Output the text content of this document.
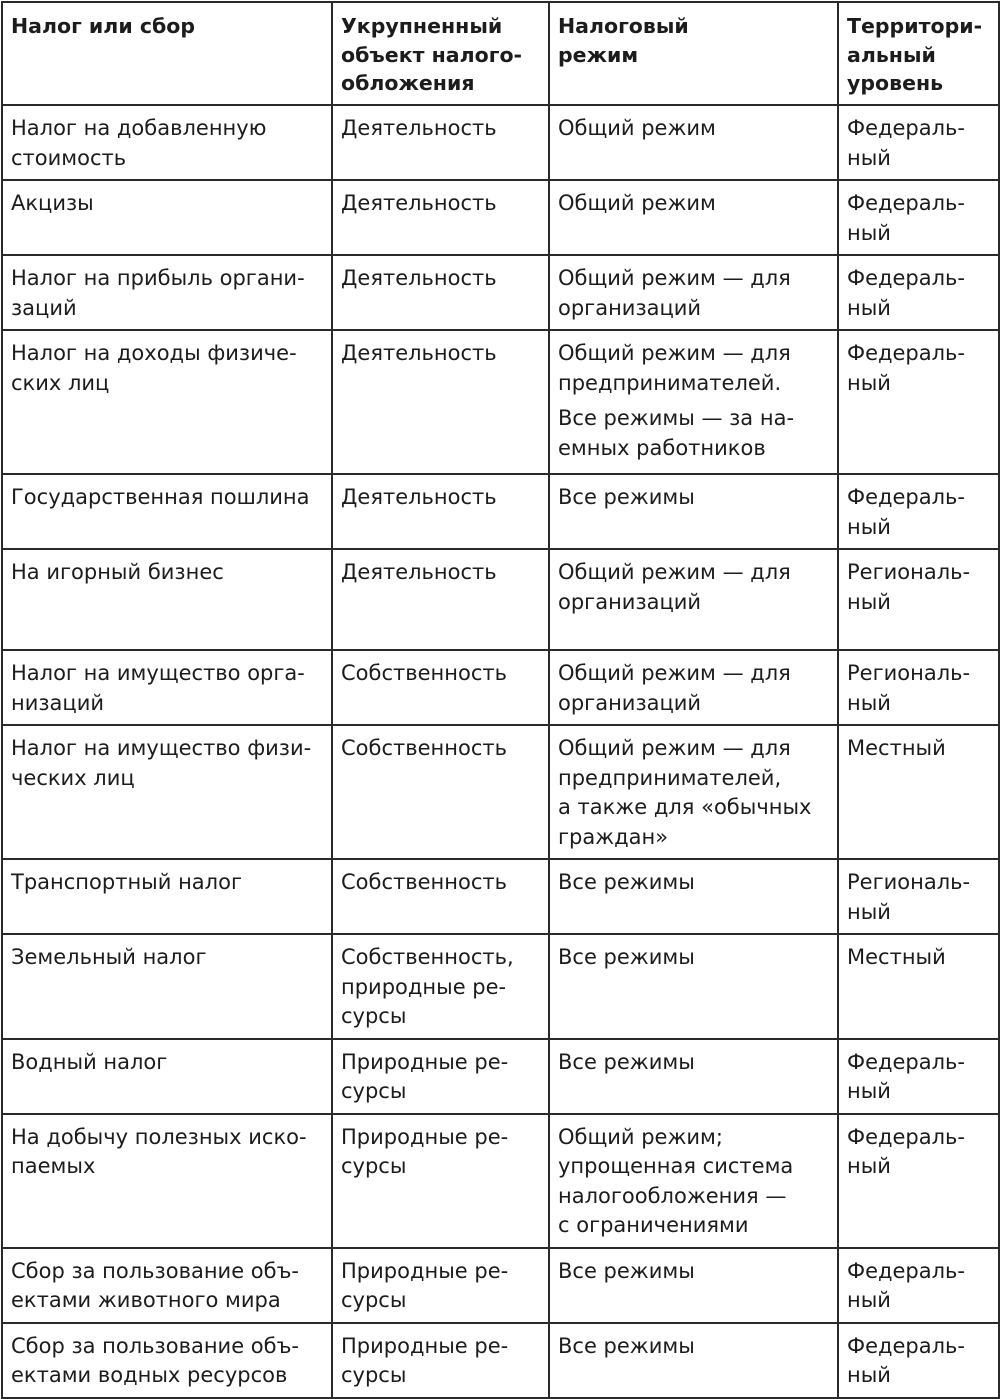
Налог или сбор	Укрупненный
объект налого-
обложения	Налоговый
режим	Территори-
альный
уровень

Налог на добавленную
стоимость	Деятельность	Общий режим	Федераль-
ный

Акцизы	Деятельность	Общий режим	Федераль-
ный

Налог на прибыль органи-
заций	Деятельность	Общий режим — для
организаций	Федераль-
ный

Налог на доходы физиче-
ских лиц	Деятельность	Общий режим — для
предпринимателей.
Все режимы — за на-
емных работников	Федераль-
ный

Государственная пошлина	Деятельность	Все режимы	Федераль-
ный

На игорный бизнес	Деятельность	Общий режим — для
организаций	Региональ-
ный

Налог на имущество орга-
низаций	Собственность	Общий режим — для
организаций	Региональ-
ный

Налог на имущество физи-
ческих лиц	Собственность	Общий режим — для
предпринимателей,
а также для «обычных
граждан»	Местный

Транспортный налог	Собственность	Все режимы	Региональ-
ный

Земельный налог	Собственность,
природные ре-
сурсы	Все режимы	Местный

Водный налог	Природные ре-
сурсы	Все режимы	Федераль-
ный

На добычу полезных иско-
паемых	Природные ре-
сурсы	Общий режим;
упрощенная система
налогообложения —
с ограничениями	Федераль-
ный

Сбор за пользование объ-
ектами животного мира	Природные ре-
сурсы	Все режимы	Федераль-
ный

Сбор за пользование объ-
ектами водных ресурсов	Природные ре-
сурсы	Все режимы	Федераль-
ный
